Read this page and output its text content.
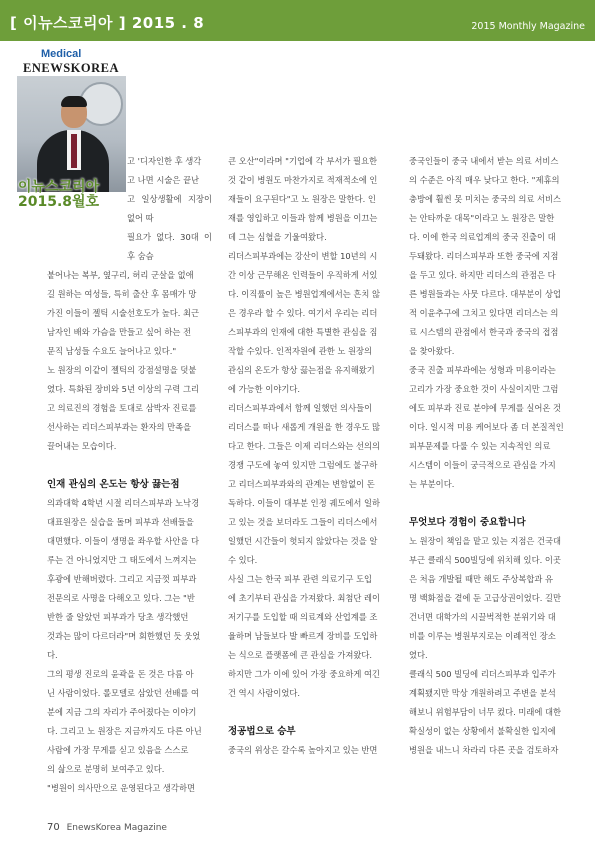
[ 이뉴스코리아 ] 2015 . 8	2015 Monthly Magazine
Medical
ENEWSKOREA
이뉴스코리아
2015.8월호

고 '디자인한 후 생각

고 나면 시술은 끝난

고 일상생활에 지장이 없어 따

필요가 없다. 30대 이후 숨슴

붙어나는 복부, 옆구리, 허리 군살을 없애

길 원하는 여성들, 특히 출산 후 몸매가 망

가진 이들이 젤틱 시술선호도가 높다. 최근

남자인 배와 가슴을 만들고 싶어 하는 전

문직 남성들 수요도 늘어나고 있다."

노 원장의 이같이 젤틱의 강점설명을 덧붙

였다. 특화된 장비와 5년 이상의 구력 그리

고 의료진의 경험을 토대로 삼박자 진료를

선사하는 리더스피부과는 환자의 만족을

끌어내는 모습이다.

인재 관심의 온도는 항상 끓는점

의과대학 4학년 시절 리더스피부과 노낙경

대표원장은 실습을 돌며 피부과 선배들을

대면했다. 이들이 생명을 좌우할 사안을 다

루는 건 아니었지만 그 태도에서 느껴지는

후광에 반해버렸다. 그리고 지금껏 피부과

전문의로 사명을 다해오고 있다. 그는 "반

반한 줄 알았던 피부과가 당초 생각했던

것과는 많이 다르더라"며 회한했던 듯 웃었

다.

그의 평생 진로의 윤곽을 돈 것은 다름 아

닌 사람이었다. 롤모델로 삼았던 선배를 여

분에 지금 그의 자리가 주어졌다는 이야기

다. 그리고 노 원장은 지금까지도 다른 아닌

사람에 가장 무게를 싣고 있음을 스스로

의 삶으로 분명히 보여주고 있다.

"병원이 의사만으로 운영된다고 생각하면

큰 오산"이라며 "기업에 각 부서가 필요한

것 같이 병원도 마찬가지로 적재적소에 인

재들이 요구된다"고 노 원장은 말한다. 인

재를 영입하고 이들과 함께 병원을 이끄는

데 그는 심혈을 기울여왔다.

리더스피부과에는 강산이 변할 10년의 시

간 이상 근무해온 인력들이 우직하게 서있

다. 이직률이 높은 병원업계에서는 흔치 않

은 경우라 할 수 있다. 여기서 우리는 리더

스피부과의 인재에 대한 특별한 관심을 짐

작할 수있다. 인적자원에 관한 노 원장의

관심의 온도가 항상 끓는점을 유지해왔기

에 가능한 이야기다.

리더스피부과에서 함께 일했던 의사들이

리더스를 떠나 새롭게 개원을 한 경우도 많

다고 한다. 그들은 이제 리더스와는 선의의

경쟁 구도에 놓여 있지만 그럼에도 불구하

고 리더스피부과와의 관계는 변함없이 돈

독하다. 이들이 대부분 인정 궤도에서 일하

고 있는 것을 보더라도 그들이 리더스에서

일했던 시간들이 헛되지 않았다는 것을 알

수 있다.

사실 그는 한국 피부 관련 의료기구 도입

에 초기부터 관심을 가져왔다. 최첨단 레이

저기구를 도입할 때 의료계와 산업계를 조

율하며 남들보다 발 빠르게 장비를 도입하

는 식으로 플랫폼에 큰 관심을 가져왔다.

하지만 그가 이에 있어 가장 중요하게 여긴

건 역시 사람이었다.

정공법으로 승부

중국의 위상은 갈수록 높아지고 있는 반면

중국인들이 중국 내에서 받는 의료 서비스

의 수준은 아직 매우 낮다고 한다. "제휴의

충방에 훨씬 못 미치는 중국의 의료 서비스

는 안타까운 대목"이라고 노 원장은 말한

다. 이에 한국 의료업계의 중국 진출이 대

두돼왔다. 리더스피부과 또한 중국에 지점

을 두고 있다. 하지만 리더스의 관점은 다

른 병원들과는 사뭇 다르다. 대부분이 상업

적 이윤추구에 그치고 있다면 리더스는 의

료 시스템의 관점에서 한국과 중국의 접점

을 찾아왔다.

중국 진출 피부과에는 성형과 미용이라는

고리가 가장 중요한 것이 사실이지만 그럼

에도 피부과 진료 분야에 무게를 실어온 것

이다. 일시적 미용 케어보다 좀 더 본질적인

피부문제를 다룰 수 있는 지속적인 의료

시스템이 이들이 궁극적으로 관심을 가지

는 부분이다.

무엇보다 경험이 중요합니다

노 원장이 책임을 맡고 있는 지점은 건국대

부근 클래식 500빌딩에 위치해 있다. 이곳

은 처음 개발될 때만 해도 주상복합과 유

명 백화점을 곁에 둔 고급상권이었다. 길만

건너면 대학가의 시끌벅적한 분위기와 대

비를 이루는 병원부지로는 이례적인 장소

였다.

클래식 500 빌딩에 리더스피부과 입주가

계획됐지만 막상 개원하려고 주변을 분석

해보니 위험부담이 너무 컸다. 미래에 대한

확실성이 없는 상황에서 불확실한 입지에

병원을 내느니 차라리 다른 곳을 검토하자

70 EnewsKorea Magazine
